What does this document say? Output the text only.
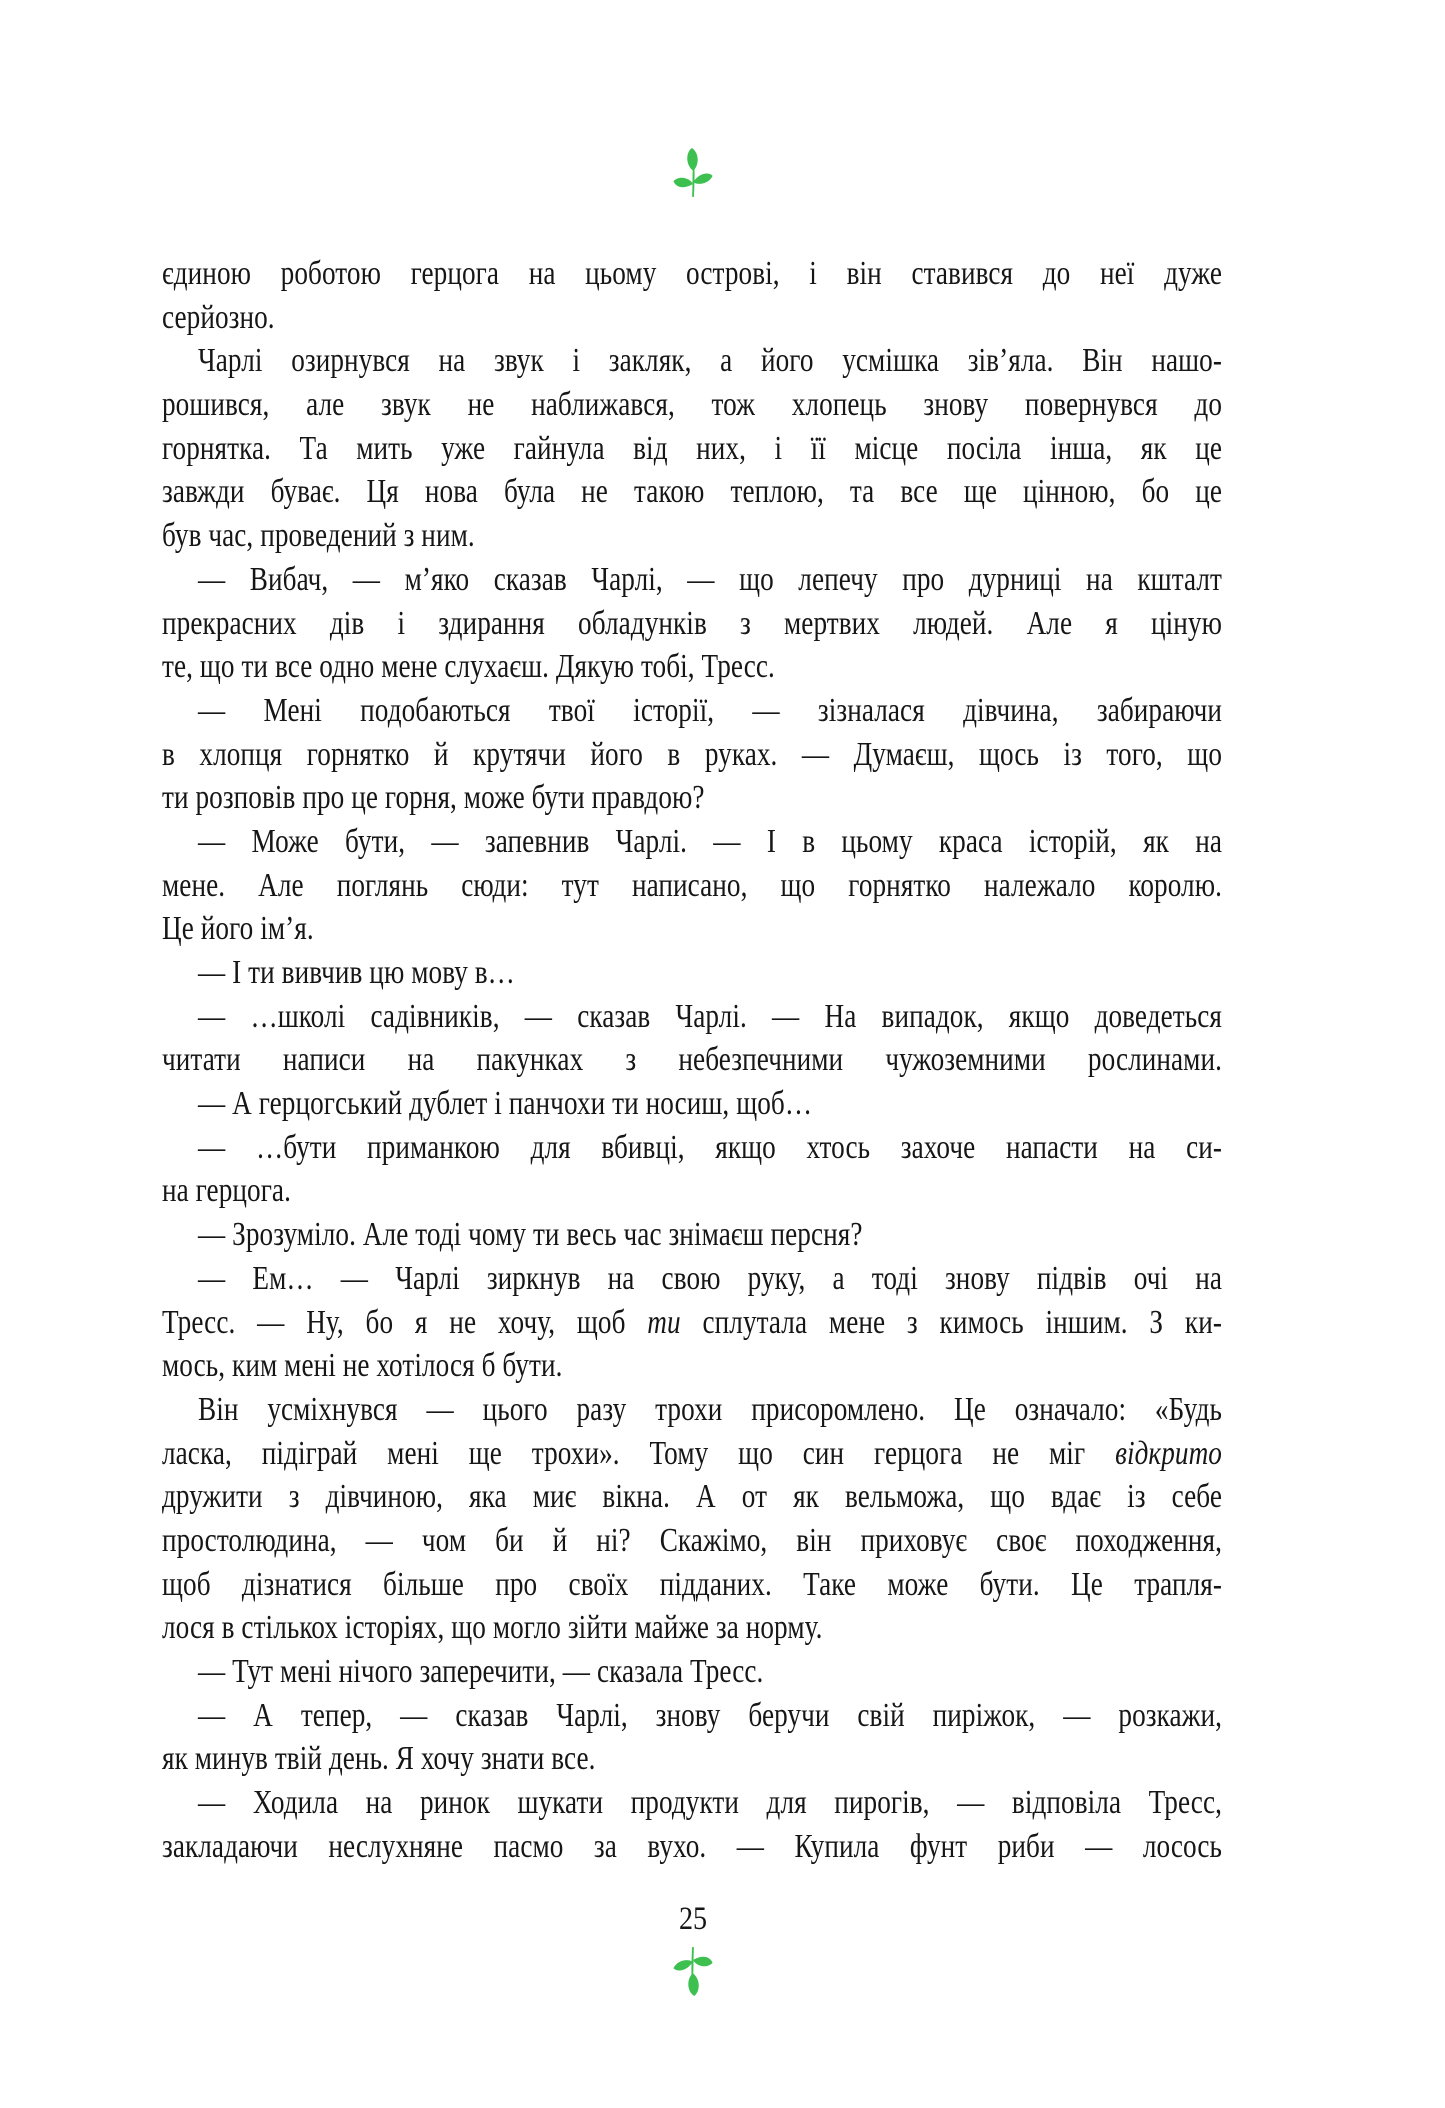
єдиною роботою герцога на цьому острові, і він ставився до неї дуже
серйозно.
Чарлі озирнувся на звук і закляк, а його усмішка зів’яла. Він нашо-
рошився, але звук не наближався, тож хлопець знову повернувся до
горнятка. Та мить уже гайнула від них, і її місце посіла інша, як це
завжди буває. Ця нова була не такою теплою, та все ще цінною, бо це
був час, проведений з ним.
— Вибач, — м’яко сказав Чарлі, — що лепечу про дурниці на кшталт
прекрасних дів і здирання обладунків з мертвих людей. Але я ціную
те, що ти все одно мене слухаєш. Дякую тобі, Тресс.
— Мені подобаються твої історії, — зізналася дівчина, забираючи
в хлопця горнятко й крутячи його в руках. — Думаєш, щось із того, що
ти розповів про це горня, може бути правдою?
— Може бути, — запевнив Чарлі. — І в цьому краса історій, як на
мене. Але поглянь сюди: тут написано, що горнятко належало королю.
Це його ім’я.
— І ти вивчив цю мову в…
— …школі садівників, — сказав Чарлі. — На випадок, якщо доведеться
читати написи на пакунках з небезпечними чужоземними рослинами.
— А герцогський дублет і панчохи ти носиш, щоб…
— …бути приманкою для вбивці, якщо хтось захоче напасти на си-
на герцога.
— Зрозуміло. Але тоді чому ти весь час знімаєш персня?
— Ем… — Чарлі зиркнув на свою руку, а тоді знову підвів очі на
Тресс. — Ну, бо я не хочу, щоб ти сплутала мене з кимось іншим. З ки-
мось, ким мені не хотілося б бути.
Він усміхнувся — цього разу трохи присоромлено. Це означало: «Будь
ласка, підіграй мені ще трохи». Тому що син герцога не міг відкрито
дружити з дівчиною, яка миє вікна. А от як вельможа, що вдає із себе
простолюдина, — чом би й ні? Скажімо, він приховує своє походження,
щоб дізнатися більше про своїх підданих. Таке може бути. Це трапля-
лося в стількох історіях, що могло зійти майже за норму.
— Тут мені нічого заперечити, — сказала Тресс.
— А тепер, — сказав Чарлі, знову беручи свій пиріжок, — розкажи,
як минув твій день. Я хочу знати все.
— Ходила на ринок шукати продукти для пирогів, — відповіла Тресс,
закладаючи неслухняне пасмо за вухо. — Купила фунт риби — лосось
25
